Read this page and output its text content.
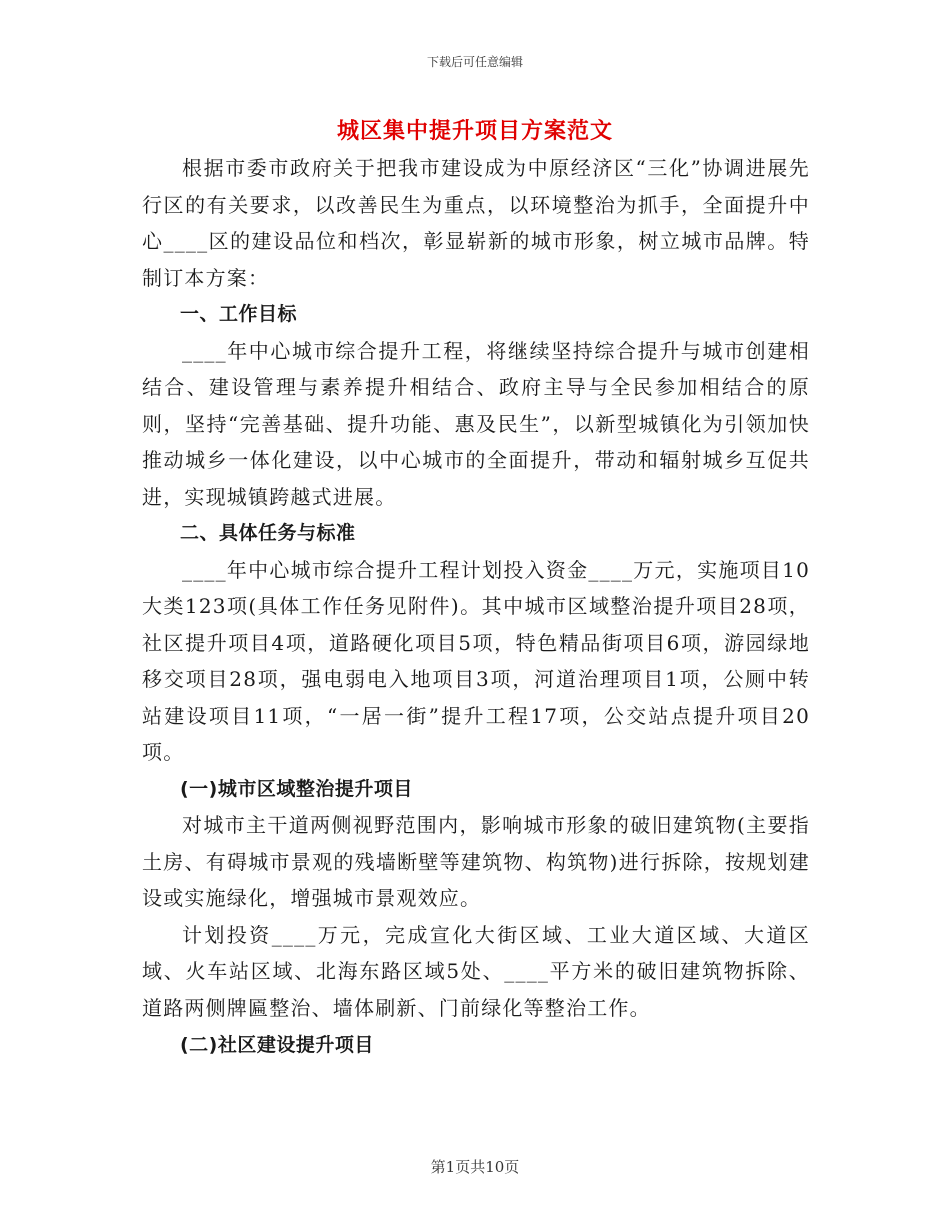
下载后可任意编辑
城区集中提升项目方案范文

根据市委市政府关于把我市建设成为中原经济区“三化”协调进展先行区的有关要求，以改善民生为重点，以环境整治为抓手，全面提升中心____区的建设品位和档次，彰显崭新的城市形象，树立城市品牌。特制订本方案：

一、工作目标

____年中心城市综合提升工程，将继续坚持综合提升与城市创建相结合、建设管理与素养提升相结合、政府主导与全民参加相结合的原则，坚持“完善基础、提升功能、惠及民生”，以新型城镇化为引领加快推动城乡一体化建设，以中心城市的全面提升，带动和辐射城乡互促共进，实现城镇跨越式进展。

二、具体任务与标准

____年中心城市综合提升工程计划投入资金____万元，实施项目10大类123项(具体工作任务见附件)。其中城市区域整治提升项目28项，社区提升项目4项，道路硬化项目5项，特色精品街项目6项，游园绿地移交项目28项，强电弱电入地项目3项，河道治理项目1项，公厕中转站建设项目11项，“一居一街”提升工程17项，公交站点提升项目20项。

(一)城市区域整治提升项目

对城市主干道两侧视野范围内，影响城市形象的破旧建筑物(主要指土房、有碍城市景观的残墙断壁等建筑物、构筑物)进行拆除，按规划建设或实施绿化，增强城市景观效应。

计划投资____万元，完成宣化大街区域、工业大道区域、大道区域、火车站区域、北海东路区域5处、____平方米的破旧建筑物拆除、道路两侧牌匾整治、墙体刷新、门前绿化等整治工作。

(二)社区建设提升项目

第1页共10页
